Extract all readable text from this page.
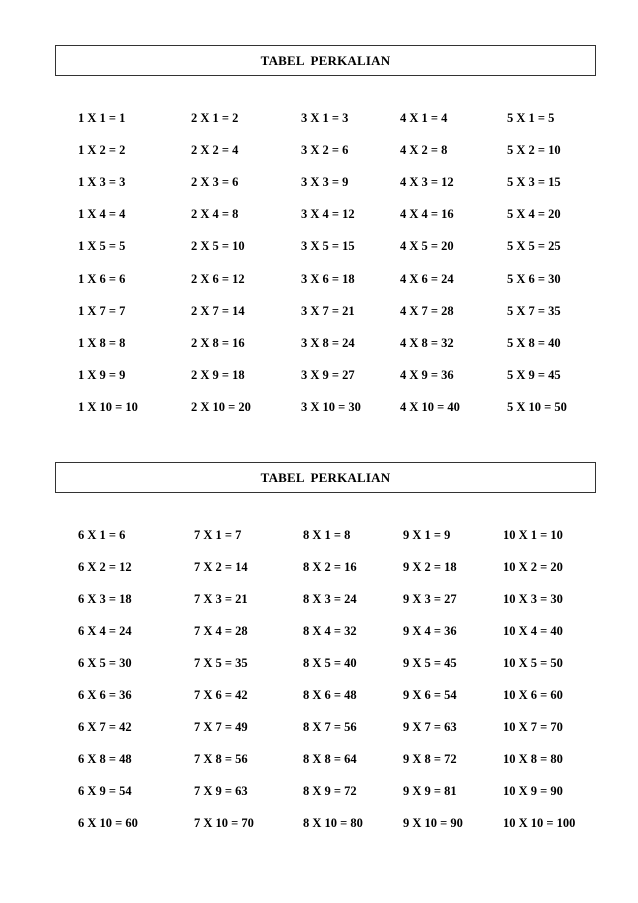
TABEL PERKALIAN
1 X 1 = 1
1 X 2 = 2
1 X 3 = 3
1 X 4 = 4
1 X 5 = 5
1 X 6 = 6
1 X 7 = 7
1 X 8 = 8
1 X 9 = 9
1 X 10 = 10
2 X 1 = 2
2 X 2 = 4
2 X 3 = 6
2 X 4 = 8
2 X 5 = 10
2 X 6 = 12
2 X 7 = 14
2 X 8 = 16
2 X 9 = 18
2 X 10 = 20
3 X 1 = 3
3 X 2 = 6
3 X 3 = 9
3 X 4 = 12
3 X 5 = 15
3 X 6 = 18
3 X 7 = 21
3 X 8 = 24
3 X 9 = 27
3 X 10 = 30
4 X 1 = 4
4 X 2 = 8
4 X 3 = 12
4 X 4 = 16
4 X 5 = 20
4 X 6 = 24
4 X 7 = 28
4 X 8 = 32
4 X 9 = 36
4 X 10 = 40
5 X 1 = 5
5 X 2 = 10
5 X 3 = 15
5 X 4 = 20
5 X 5 = 25
5 X 6 = 30
5 X 7 = 35
5 X 8 = 40
5 X 9 = 45
5 X 10 = 50
TABEL PERKALIAN
6 X 1 = 6
6 X 2 = 12
6 X 3 = 18
6 X 4 = 24
6 X 5 = 30
6 X 6 = 36
6 X 7 = 42
6 X 8 = 48
6 X 9 = 54
6 X 10 = 60
7 X 1 = 7
7 X 2 = 14
7 X 3 = 21
7 X 4 = 28
7 X 5 = 35
7 X 6 = 42
7 X 7 = 49
7 X 8 = 56
7 X 9 = 63
7 X 10 = 70
8 X 1 = 8
8 X 2 = 16
8 X 3 = 24
8 X 4 = 32
8 X 5 = 40
8 X 6 = 48
8 X 7 = 56
8 X 8 = 64
8 X 9 = 72
8 X 10 = 80
9 X 1 = 9
9 X 2 = 18
9 X 3 = 27
9 X 4 = 36
9 X 5 = 45
9 X 6 = 54
9 X 7 = 63
9 X 8 = 72
9 X 9 = 81
9 X 10 = 90
10 X 1 = 10
10 X 2 = 20
10 X 3 = 30
10 X 4 = 40
10 X 5 = 50
10 X 6 = 60
10 X 7 = 70
10 X 8 = 80
10 X 9 = 90
10 X 10 = 100
